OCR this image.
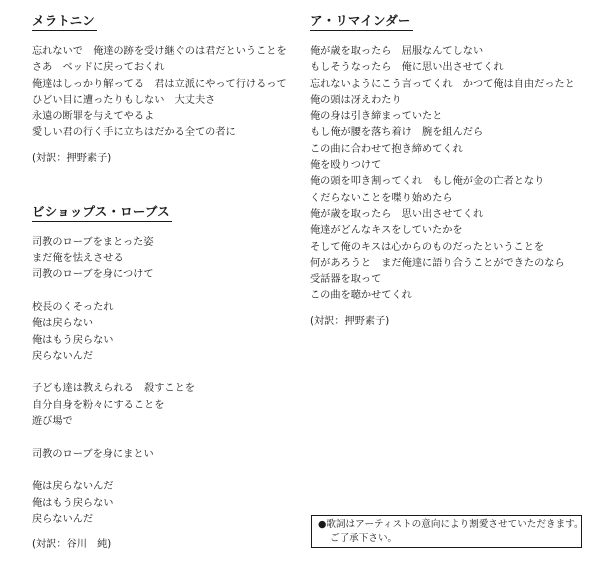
メラトニン
忘れないで　俺達の跡を受け継ぐのは君だということを
さあ　ベッドに戻っておくれ
俺達はしっかり解ってる　君は立派にやって行けるって
ひどい目に遭ったりもしない　大丈夫さ
永遠の断罪を与えてやるよ
愛しい君の行く手に立ちはだかる全ての者に
(対訳：押野素子)
ビショップス・ローブス
司教のローブをまとった姿
まだ俺を怯えさせる
司教のローブを身につけて
校長のくそったれ
俺は戻らない
俺はもう戻らない
戻らないんだ
子ども達は教えられる　殺すことを
自分自身を粉々にすることを
遊び場で
司教のローブを身にまとい
俺は戻らないんだ
俺はもう戻らない
戻らないんだ
(対訳：谷川　純)
ア・リマインダー
俺が歳を取ったら　屈服なんてしない
もしそうなったら　俺に思い出させてくれ
忘れないようにこう言ってくれ　かつて俺は自由だったと
俺の頭は冴えわたり
俺の身は引き締まっていたと
もし俺が腰を落ち着け　腕を組んだら
この曲に合わせて抱き締めてくれ
俺を殴りつけて
俺の頭を叩き割ってくれ　もし俺が金の亡者となり
くだらないことを喋り始めたら
俺が歳を取ったら　思い出させてくれ
俺達がどんなキスをしていたかを
そして俺のキスは心からのものだったということを
何があろうと　まだ俺達に語り合うことができたのなら
受話器を取って
この曲を聴かせてくれ
(対訳：押野素子)
●歌詞はアーティストの意向により割愛させていただきます。
ご了承下さい。
